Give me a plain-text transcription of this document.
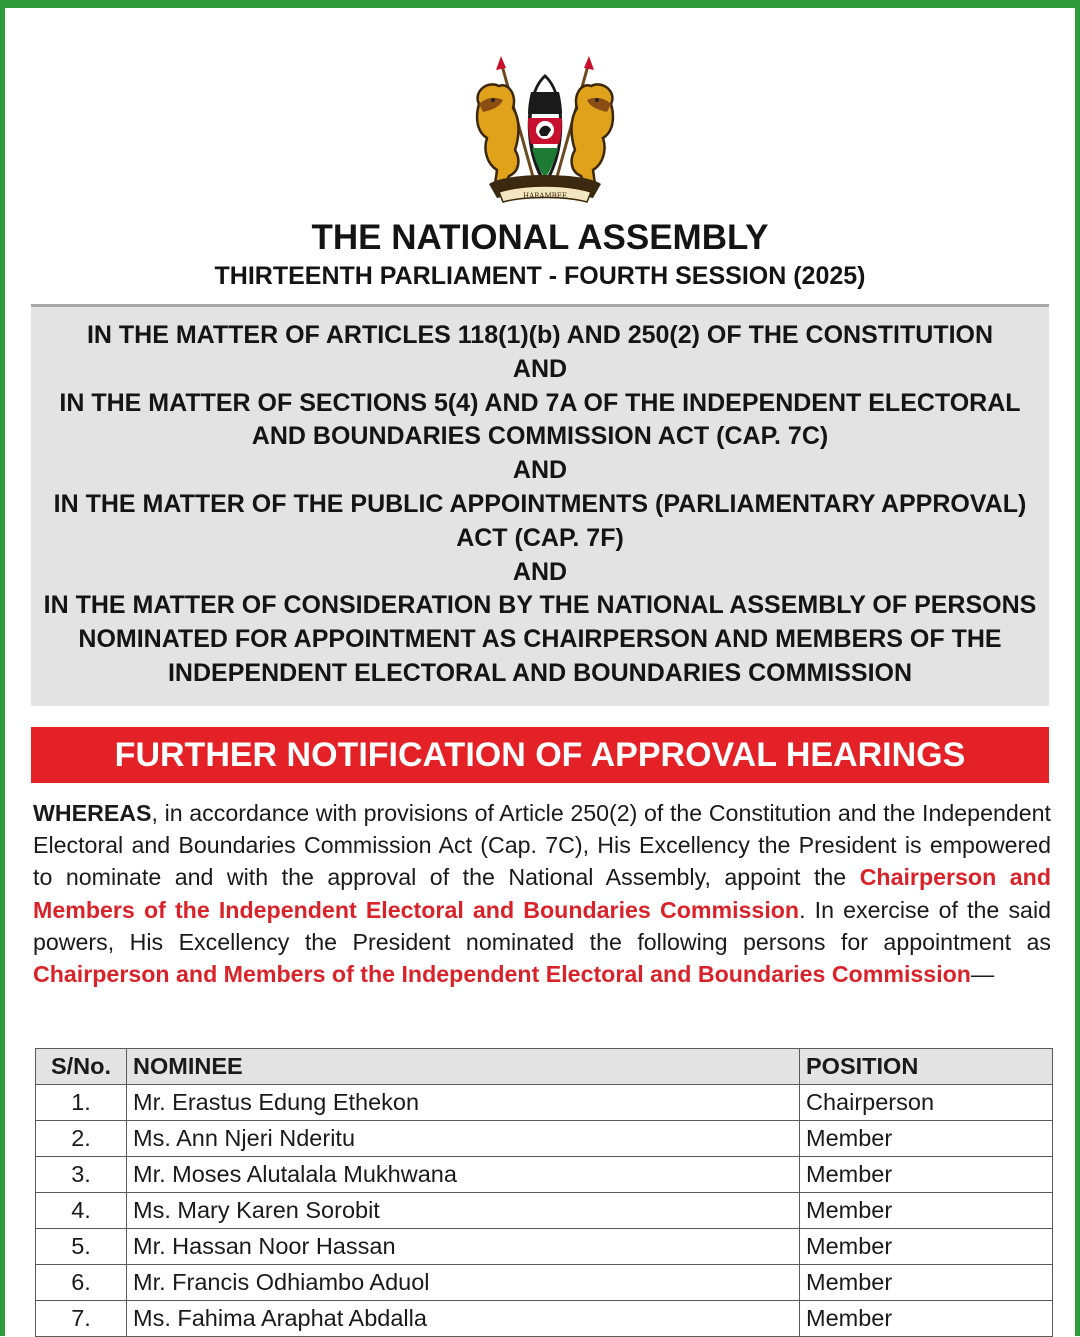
HARAMBEE
THE NATIONAL ASSEMBLY
THIRTEENTH PARLIAMENT - FOURTH SESSION (2025)
IN THE MATTER OF ARTICLES 118(1)(b) AND 250(2) OF THE CONSTITUTION
AND
IN THE MATTER OF SECTIONS 5(4) AND 7A OF THE INDEPENDENT ELECTORAL
AND BOUNDARIES COMMISSION ACT (CAP. 7C)
AND
IN THE MATTER OF THE PUBLIC APPOINTMENTS (PARLIAMENTARY APPROVAL)
ACT (CAP. 7F)
AND
IN THE MATTER OF CONSIDERATION BY THE NATIONAL ASSEMBLY OF PERSONS
NOMINATED FOR APPOINTMENT AS CHAIRPERSON AND MEMBERS OF THE
INDEPENDENT ELECTORAL AND BOUNDARIES COMMISSION
FURTHER NOTIFICATION OF APPROVAL HEARINGS
WHEREAS, in accordance with provisions of Article 250(2) of the Constitution and the Independent Electoral and Boundaries Commission Act (Cap. 7C), His Excellency the President is empowered to nominate and with the approval of the National Assembly, appoint the Chairperson and Members of the Independent Electoral and Boundaries Commission. In exercise of the said powers, His Excellency the President nominated the following persons for appointment as Chairperson and Members of the Independent Electoral and Boundaries Commission—
S/No.	NOMINEE	POSITION
1.	Mr. Erastus Edung Ethekon	Chairperson
2.	Ms. Ann Njeri Nderitu	Member
3.	Mr. Moses Alutalala Mukhwana	Member
4.	Ms. Mary Karen Sorobit	Member
5.	Mr. Hassan Noor Hassan	Member
6.	Mr. Francis Odhiambo Aduol	Member
7.	Ms. Fahima Araphat Abdalla	Member
